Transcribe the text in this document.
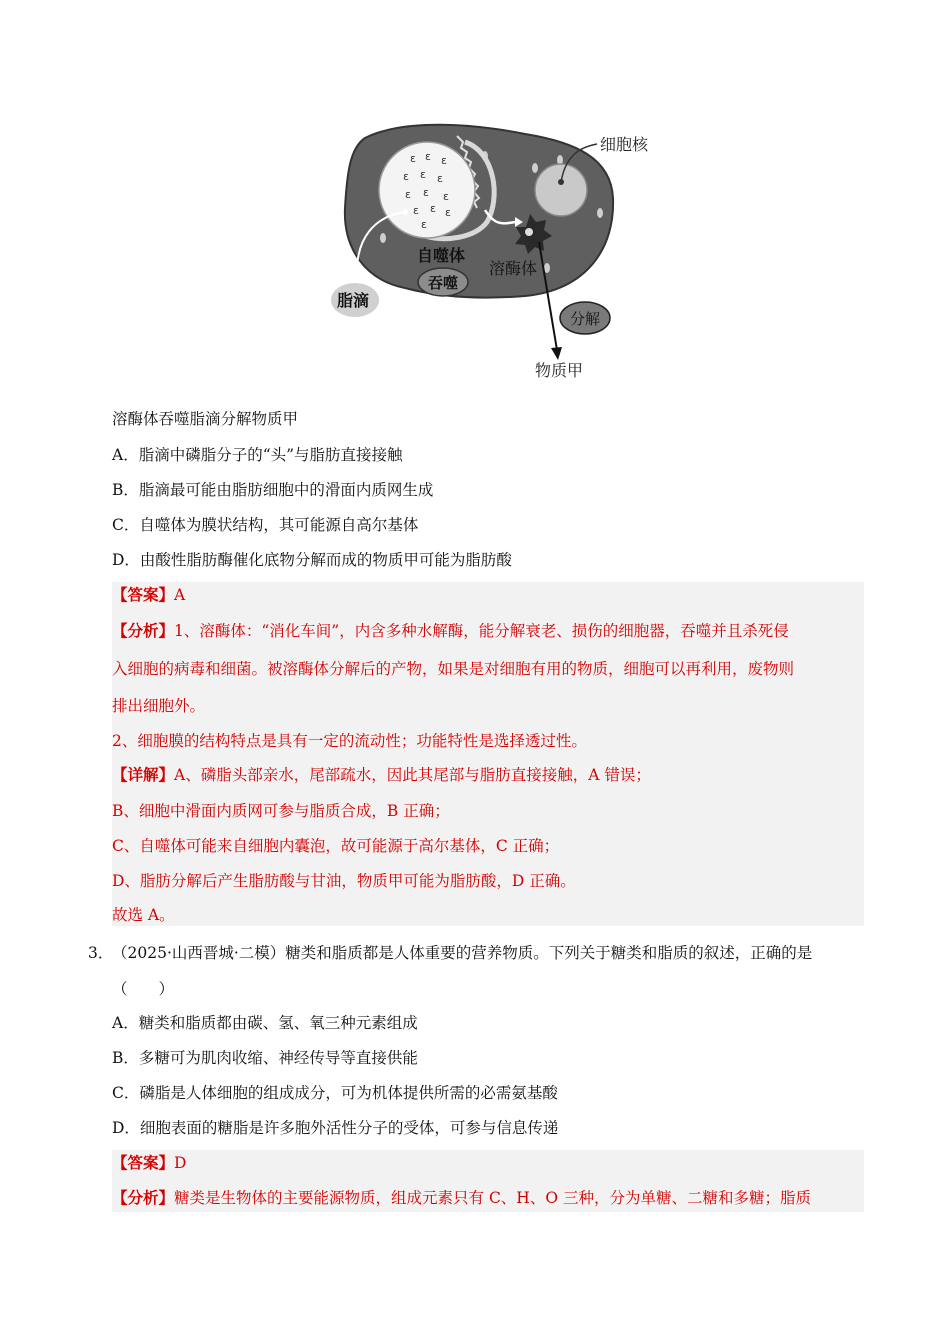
ε ε ε
ε ε ε
ε ε ε
ε ε ε
ε
细胞核
自噬体
吞噬
溶酶体
脂滴
分解
物质甲
溶酶体吞噬脂滴分解物质甲
A．脂滴中磷脂分子的“头”与脂肪直接接触
B．脂滴最可能由脂肪细胞中的滑面内质网生成
C．自噬体为膜状结构，其可能源自高尔基体
D．由酸性脂肪酶催化底物分解而成的物质甲可能为脂肪酸
【答案】A
【分析】1、溶酶体：“消化车间”，内含多种水解酶，能分解衰老、损伤的细胞器，吞噬并且杀死侵
入细胞的病毒和细菌。被溶酶体分解后的产物，如果是对细胞有用的物质，细胞可以再利用，废物则
排出细胞外。
2、细胞膜的结构特点是具有一定的流动性；功能特性是选择透过性。
【详解】A、磷脂头部亲水，尾部疏水，因此其尾部与脂肪直接接触，A 错误；
B、细胞中滑面内质网可参与脂质合成，B 正确；
C、自噬体可能来自细胞内囊泡，故可能源于高尔基体，C 正确；
D、脂肪分解后产生脂肪酸与甘油，物质甲可能为脂肪酸，D 正确。
故选 A。
3．
（2025·山西晋城·二模）糖类和脂质都是人体重要的营养物质。下列关于糖类和脂质的叙述，正确的是
（　　）
A．糖类和脂质都由碳、氢、氧三种元素组成
B．多糖可为肌肉收缩、神经传导等直接供能
C．磷脂是人体细胞的组成成分，可为机体提供所需的必需氨基酸
D．细胞表面的糖脂是许多胞外活性分子的受体，可参与信息传递
【答案】D
【分析】糖类是生物体的主要能源物质，组成元素只有 C、H、O 三种，分为单糖、二糖和多糖；脂质
